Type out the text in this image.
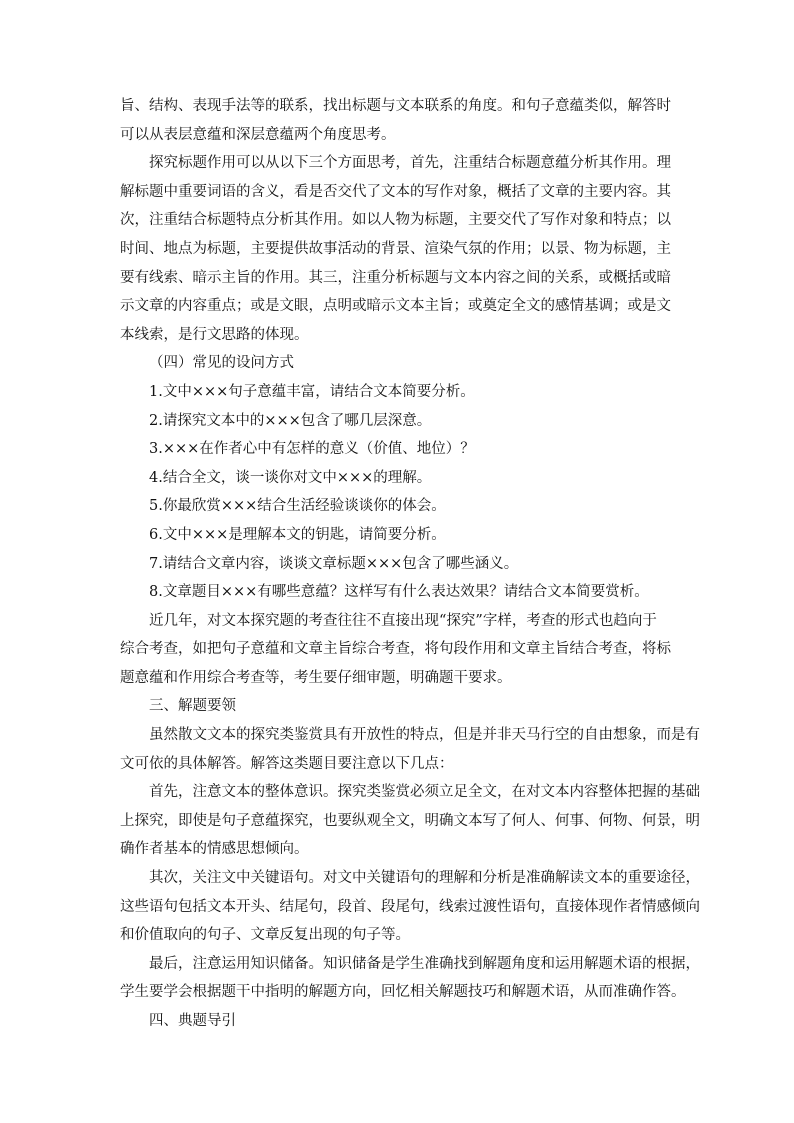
旨、结构、表现手法等的联系，找出标题与文本联系的角度。和句子意蕴类似，解答时

可以从表层意蕴和深层意蕴两个角度思考。

探究标题作用可以从以下三个方面思考，首先，注重结合标题意蕴分析其作用。理

解标题中重要词语的含义，看是否交代了文本的写作对象，概括了文章的主要内容。其

次，注重结合标题特点分析其作用。如以人物为标题，主要交代了写作对象和特点；以

时间、地点为标题，主要提供故事活动的背景、渲染气氛的作用；以景、物为标题，主

要有线索、暗示主旨的作用。其三，注重分析标题与文本内容之间的关系，或概括或暗

示文章的内容重点；或是文眼，点明或暗示文本主旨；或奠定全文的感情基调；或是文

本线索，是行文思路的体现。

（四）常见的设问方式

1.文中×××句子意蕴丰富，请结合文本简要分析。

2.请探究文本中的×××包含了哪几层深意。

3.×××在作者心中有怎样的意义（价值、地位）？

4.结合全文，谈一谈你对文中×××的理解。

5.你最欣赏×××结合生活经验谈谈你的体会。

6.文中×××是理解本文的钥匙，请简要分析。

7.请结合文章内容，谈谈文章标题×××包含了哪些涵义。

8.文章题目×××有哪些意蕴？这样写有什么表达效果？请结合文本简要赏析。

近几年，对文本探究题的考查往往不直接出现“探究”字样，考查的形式也趋向于

综合考查，如把句子意蕴和文章主旨综合考查，将句段作用和文章主旨结合考查，将标

题意蕴和作用综合考查等，考生要仔细审题，明确题干要求。

三、解题要领

虽然散文文本的探究类鉴赏具有开放性的特点，但是并非天马行空的自由想象，而是有

文可依的具体解答。解答这类题目要注意以下几点：

首先，注意文本的整体意识。探究类鉴赏必须立足全文，在对文本内容整体把握的基础

上探究，即使是句子意蕴探究，也要纵观全文，明确文本写了何人、何事、何物、何景，明

确作者基本的情感思想倾向。

其次，关注文中关键语句。对文中关键语句的理解和分析是准确解读文本的重要途径，

这些语句包括文本开头、结尾句，段首、段尾句，线索过渡性语句，直接体现作者情感倾向

和价值取向的句子、文章反复出现的句子等。

最后，注意运用知识储备。知识储备是学生准确找到解题角度和运用解题术语的根据，

学生要学会根据题干中指明的解题方向，回忆相关解题技巧和解题术语，从而准确作答。

四、典题导引
